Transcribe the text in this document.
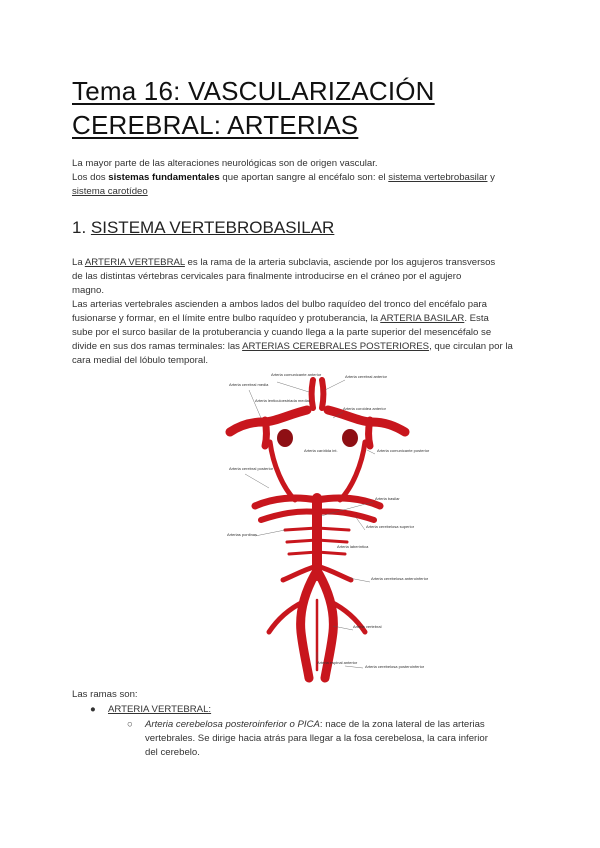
Tema 16: VASCULARIZACIÓN
CEREBRAL: ARTERIAS
La mayor parte de las alteraciones neurológicas son de origen vascular.
Los dos sistemas fundamentales que aportan sangre al encéfalo son: el sistema vertebrobasilar y
sistema carotídeo
1. SISTEMA VERTEBROBASILAR
La ARTERIA VERTEBRAL es la rama de la arteria subclavia, asciende por los agujeros transversos
de las distintas vértebras cervicales para finalmente introducirse en el cráneo por el agujero
magno.
Las arterias vertebrales ascienden a ambos lados del bulbo raquídeo del tronco del encéfalo para
fusionarse y formar, en el límite entre bulbo raquídeo y protuberancia, la ARTERIA BASILAR. Esta
sube por el surco basilar de la protuberancia y cuando llega a la parte superior del mesencéfalo se
divide en sus dos ramas terminales: las ARTERIAS CEREBRALES POSTERIORES, que circulan por la
cara medial del lóbulo temporal.
Arteria comunicante anterior	Arteria cerebral anterior
Arteria cerebral media
Arteria lenticuloestriada medial
Arteria coroidea anterior
Arteria carótida int.	Arteria comunicante posterior
Arteria cerebral posterior
Arteria basilar
Arteria cerebelosa superior
Arterias pontinas
Arteria laberíntica
Arteria cerebelosa anteroinferior
Arteria vertebral
Arteria espinal anterior
Arteria cerebelosa posteroinferior
Las ramas son:
● ARTERIA VERTEBRAL:
○ Arteria cerebelosa posteroinferior o PICA: nace de la zona lateral de las arterias
vertebrales. Se dirige hacia atrás para llegar a la fosa cerebelosa, la cara inferior
del cerebelo.
